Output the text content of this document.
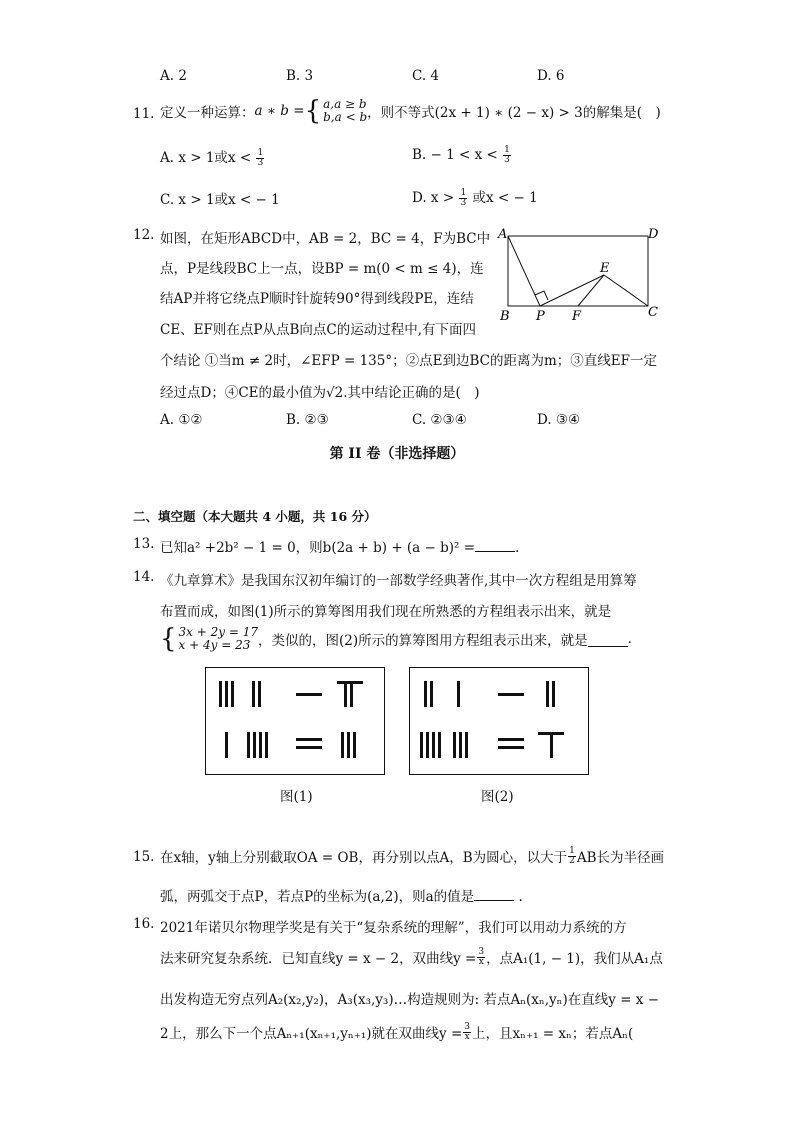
A. 2	B. 3	C. 4	D. 6
11. 定义一种运算： a ∗ b = { a,a ≥ b
b,a < b ，则不等式(2x + 1) ∗ (2 − x) > 3的解集是(　)
A. x > 1或$x < \frac{1}{3}$	B. − $1 < x < \frac{1}{3}$
C. x > 1或x < − 1	D. $x > \frac{1}{3}$ 或x < − 1
12. 如图，在矩形ABCD中，AB = 2，BC = 4，F为BC中
点，P是线段BC上一点，设BP = m(0 < m ≤ 4)，连
结AP并将它绕点P顺时针旋转90°得到线段PE，连结
CE、EF则在点P从点B向点C的运动过程中,有下面四
个结论 ①当m ≠ 2时，∠EFP = 135°；②点E到边BC的距离为m；③直线EF一定
经过点D；④CE的最小值为√2.其中结论正确的是(　)
A	D
B P F	C
E
A. ①②	B. ②③	C. ②③④	D. ③④
第 II 卷（非选择题）
二、填空题（本大题共 4 小题，共 16 分）
13. 已知a² +2b² − 1 = 0，则b(2a + b) + (a − b)² =	.
14. 《九章算术》是我国东汉初年编订的一部数学经典著作,其中一次方程组是用算筹
布置而成，如图(1)所示的算筹图用我们现在所熟悉的方程组表示出来，就是
{ 3x + 2y = 17
x + 4y = 23 ，类似的，图(2)所示的算筹图用方程组表示出来，就是	.
图(1)	图(2)
15. 在x轴，y轴上分别截取OA = OB，再分别以点A，B为圆心，以大于 $\frac{1}{2}$ AB长为半径画
弧，两弧交于点P，若点P的坐标为(a,2)，则a的值是	.
16. 2021年诺贝尔物理学奖是有关于“复杂系统的理解”，我们可以用动力系统的方
法来研究复杂系统．已知直线y = x − 2，双曲线$y = \frac{3}{x}$ ，点A₁(1, − 1)，我们从A₁点
出发构造无穷点列A₂(x₂,y₂)，A₃(x₃,y₃)…构造规则为: 若点Aₙ(xₙ,yₙ)在直线y = x −
2上，那么下一个点Aₙ₊₁(xₙ₊₁,yₙ₊₁)就在双曲线$y = \frac{3}{x}$ 上，且xₙ₊₁ = xₙ；若点Aₙ(
